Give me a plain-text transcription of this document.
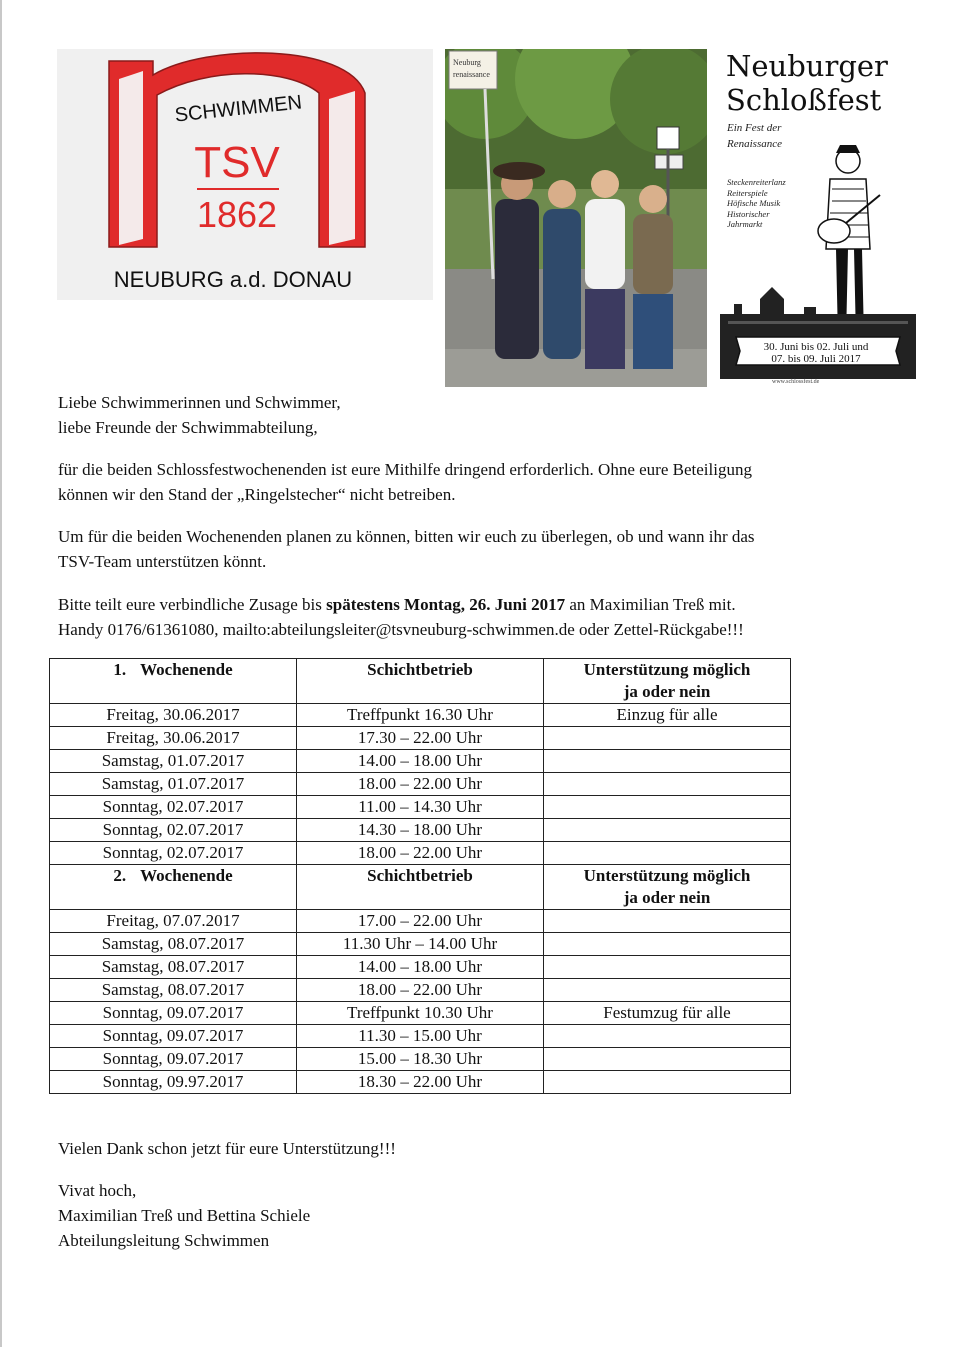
SCHWIMMEN
TSV
1862
NEUBURG a.d. DONAU
Neuburg
renaissance	Neuburger
Schloßfest
Ein Fest der
Renaissance
Steckenreiterlanz
Reiterspiele
Höfische Musik
Historischer
Jahrmarkt
30. Juni bis 02. Juli und
07. bis 09. Juli 2017
www.schlossfest.de
Liebe Schwimmerinnen und Schwimmer,
liebe Freunde der Schwimmabteilung,
für die beiden Schlossfestwochenenden ist eure Mithilfe dringend erforderlich. Ohne eure Beteiligung
können wir den Stand der „Ringelstecher“ nicht betreiben.
Um für die beiden Wochenenden planen zu können, bitten wir euch zu überlegen, ob und wann ihr das
TSV-Team unterstützen könnt.
Bitte teilt eure verbindliche Zusage bis spätestens Montag, 26. Juni 2017 an Maximilian Treß mit.
Handy 0176/61361080, mailto:abteilungsleiter@tsvneuburg-schwimmen.de oder Zettel-Rückgabe!!!
1. Wochenende	Schichtbetrieb	Unterstützung möglich
ja oder nein

Freitag, 30.06.2017	Treffpunkt 16.30 Uhr	Einzug für alle
Freitag, 30.06.2017	17.30 – 22.00 Uhr	
Samstag, 01.07.2017	14.00 – 18.00 Uhr	
Samstag, 01.07.2017	18.00 – 22.00 Uhr	
Sonntag, 02.07.2017	11.00 – 14.30 Uhr	
Sonntag, 02.07.2017	14.30 – 18.00 Uhr	
Sonntag, 02.07.2017	18.00 – 22.00 Uhr	
2. Wochenende	Schichtbetrieb	Unterstützung möglich
ja oder nein

Freitag, 07.07.2017	17.00 – 22.00 Uhr	
Samstag, 08.07.2017	11.30 Uhr – 14.00 Uhr	
Samstag, 08.07.2017	14.00 – 18.00 Uhr	
Samstag, 08.07.2017	18.00 – 22.00 Uhr	
Sonntag, 09.07.2017	Treffpunkt 10.30 Uhr	Festumzug für alle
Sonntag, 09.07.2017	11.30 – 15.00 Uhr	
Sonntag, 09.07.2017	15.00 – 18.30 Uhr	
Sonntag, 09.97.2017	18.30 – 22.00 Uhr	
Vielen Dank schon jetzt für eure Unterstützung!!!
Vivat hoch,
Maximilian Treß und Bettina Schiele
Abteilungsleitung Schwimmen
